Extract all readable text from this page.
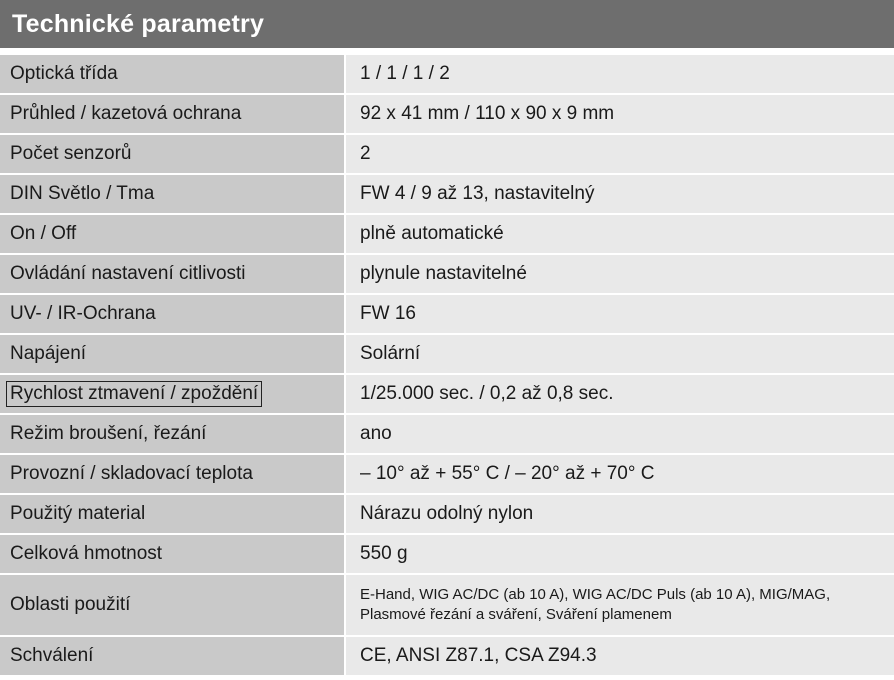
Technické parametry
Optická třída	1 / 1 / 1 / 2
Průhled / kazetová ochrana	92 x 41 mm / 110 x 90 x 9 mm
Počet senzorů	2
DIN Světlo / Tma	FW 4 / 9 až 13, nastavitelný
On / Off	plně automatické
Ovládání nastavení citlivosti	plynule nastavitelné
UV- / IR-Ochrana	FW 16
Napájení	Solární
Rychlost ztmavení / zpoždění	1/25.000 sec. / 0,2 až 0,8 sec.
Režim broušení, řezání	ano
Provozní / skladovací teplota	– 10° až + 55° C / – 20° až + 70° C
Použitý material	Nárazu odolný nylon
Celková hmotnost	550 g
Oblasti použití	E-Hand, WIG AC/DC (ab 10 A), WIG AC/DC Puls (ab 10 A), MIG/MAG,
Plasmové řezání a sváření, Sváření plamenem
Schválení	CE, ANSI Z87.1, CSA Z94.3
